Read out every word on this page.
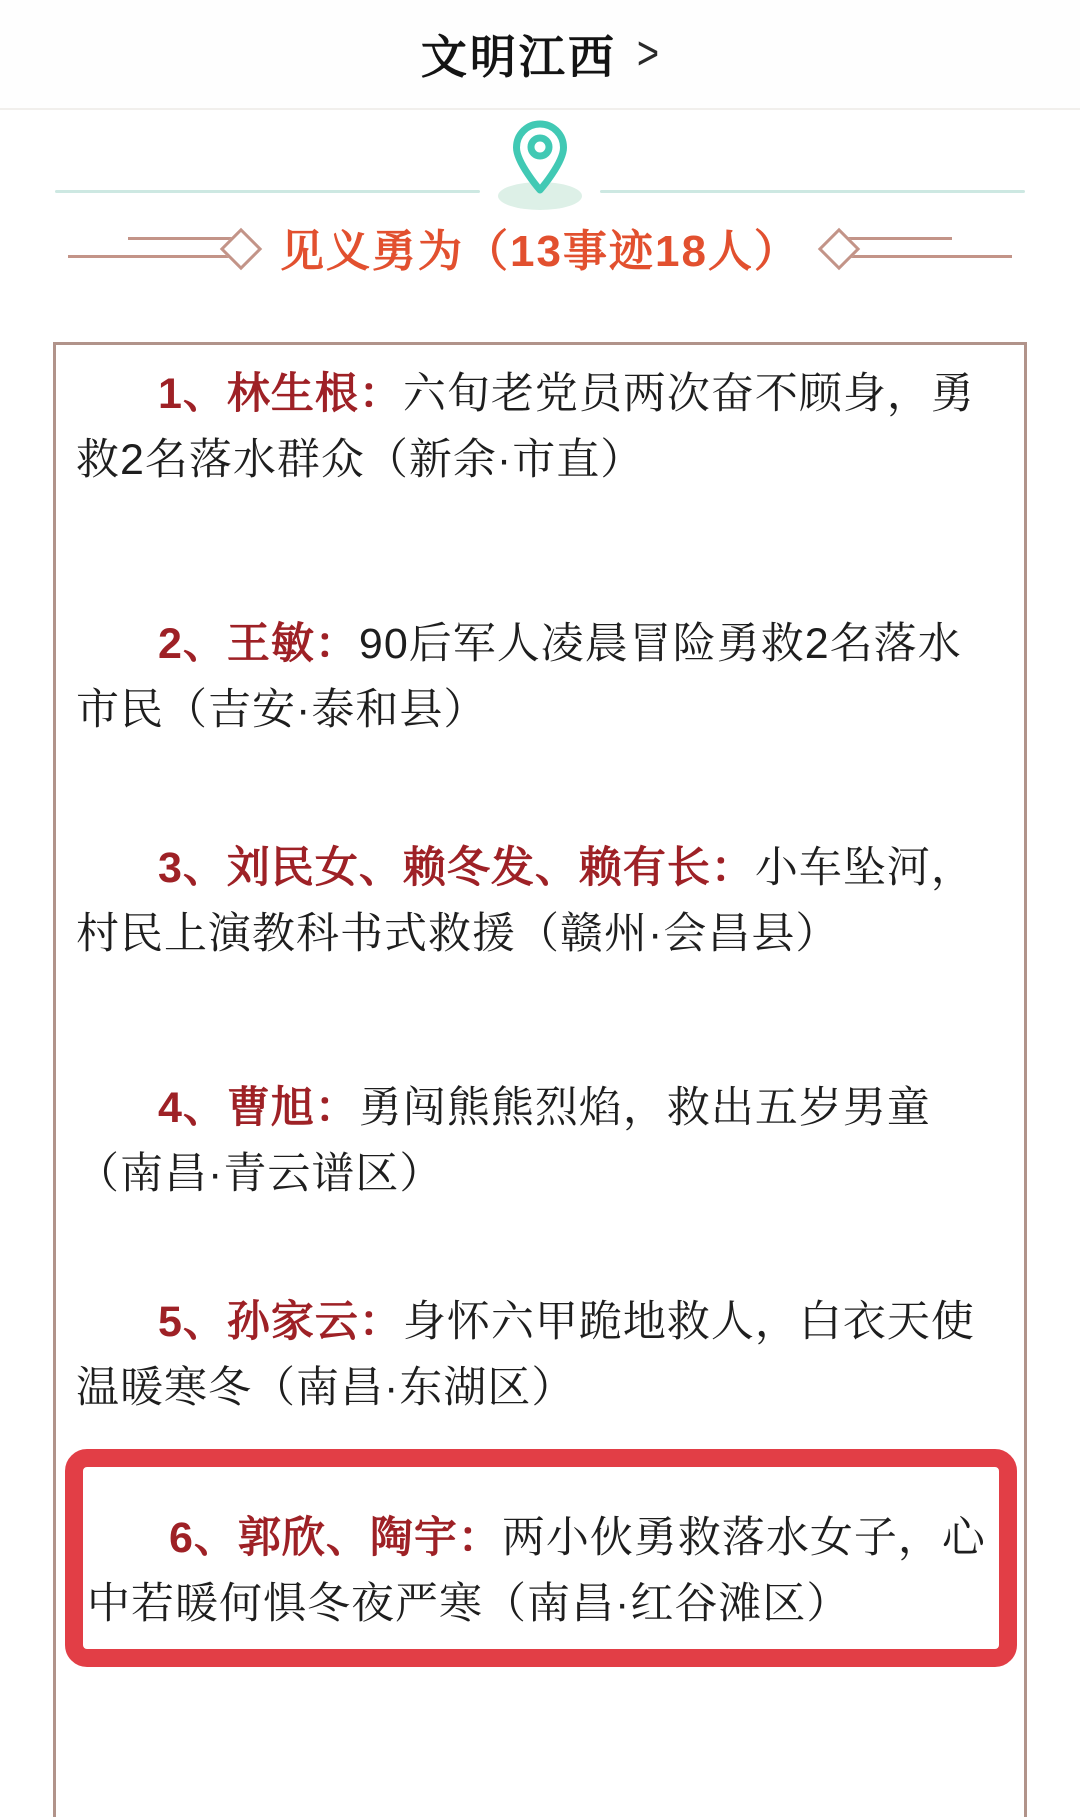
文明江西 >
见义勇为（13事迹18人）

1、林生根：六旬老党员两次奋不顾身，勇救2名落水群众（新余·市直）

2、王敏：90后军人凌晨冒险勇救2名落水市民（吉安·泰和县）

3、刘民女、赖冬发、赖有长：小车坠河，村民上演教科书式救援（赣州·会昌县）

4、曹旭：勇闯熊熊烈焰，救出五岁男童（南昌·青云谱区）

5、孙家云：身怀六甲跪地救人，白衣天使温暖寒冬（南昌·东湖区）

6、郭欣、陶宇：两小伙勇救落水女子，心中若暖何惧冬夜严寒（南昌·红谷滩区）
